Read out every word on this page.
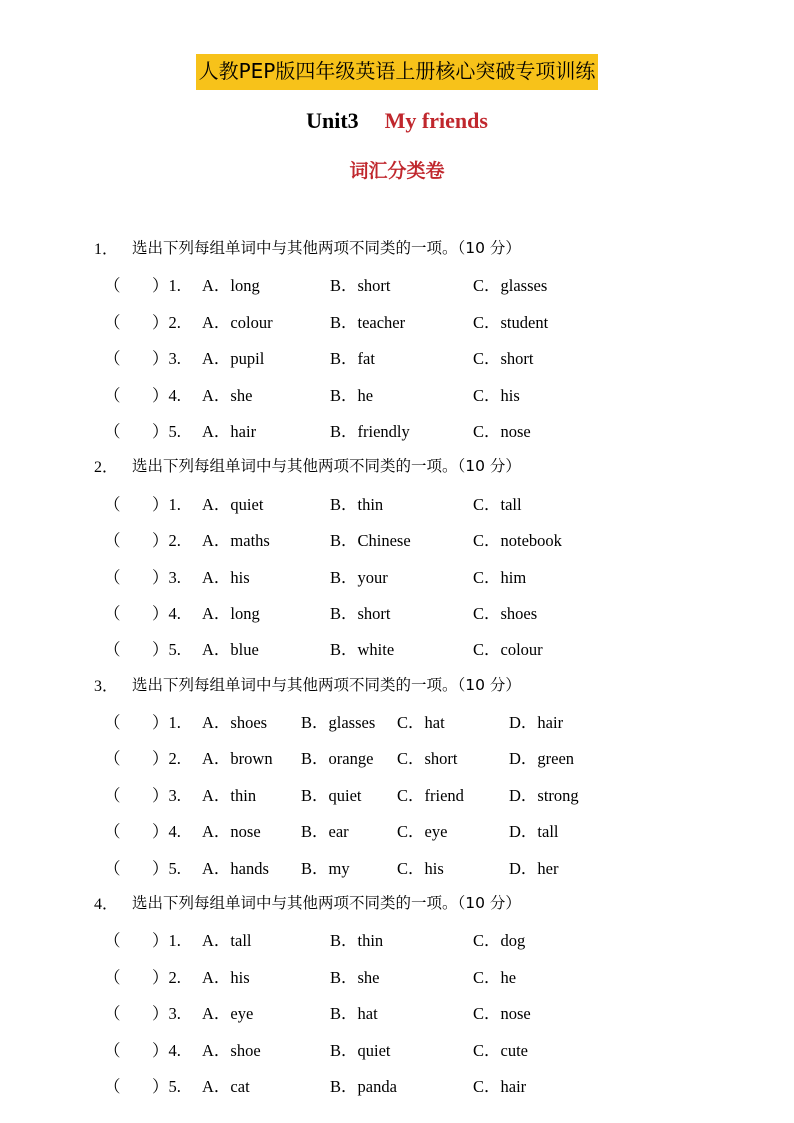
人教PEP版四年级英语上册核心突破专项训练
Unit3 My friends
词汇分类卷
1． 选出下列每组单词中与其他两项不同类的一项。（10 分）
（ ）1. A．long	B．short	C．glasses
（ ）2. A．colour	B．teacher	C．student
（ ）3. A．pupil	B．fat	C．short
（ ）4. A．she	B．he	C．his
（ ）5. A．hair	B．friendly	C．nose
2． 选出下列每组单词中与其他两项不同类的一项。（10 分）
（ ）1. A．quiet	B．thin	C．tall
（ ）2. A．maths	B．Chinese	C．notebook
（ ）3. A．his	B．your	C．him
（ ）4. A．long	B．short	C．shoes
（ ）5. A．blue	B．white	C．colour
3． 选出下列每组单词中与其他两项不同类的一项。（10 分）
（ ）1. A．shoes B．glasses C．hat	D．hair
（ ）2. A．brown B．orange C．short	D．green
（ ）3. A．thin	B．quiet C．friend	D．strong
（ ）4. A．nose B．ear	C．eye	D．tall
（ ）5. A．hands B．my	C．his	D．her
4． 选出下列每组单词中与其他两项不同类的一项。（10 分）
（ ）1. A．tall	B．thin	C．dog
（ ）2. A．his	B．she	C．he
（ ）3. A．eye	B．hat	C．nose
（ ）4. A．shoe	B．quiet	C．cute
（ ）5. A．cat	B．panda	C．hair
